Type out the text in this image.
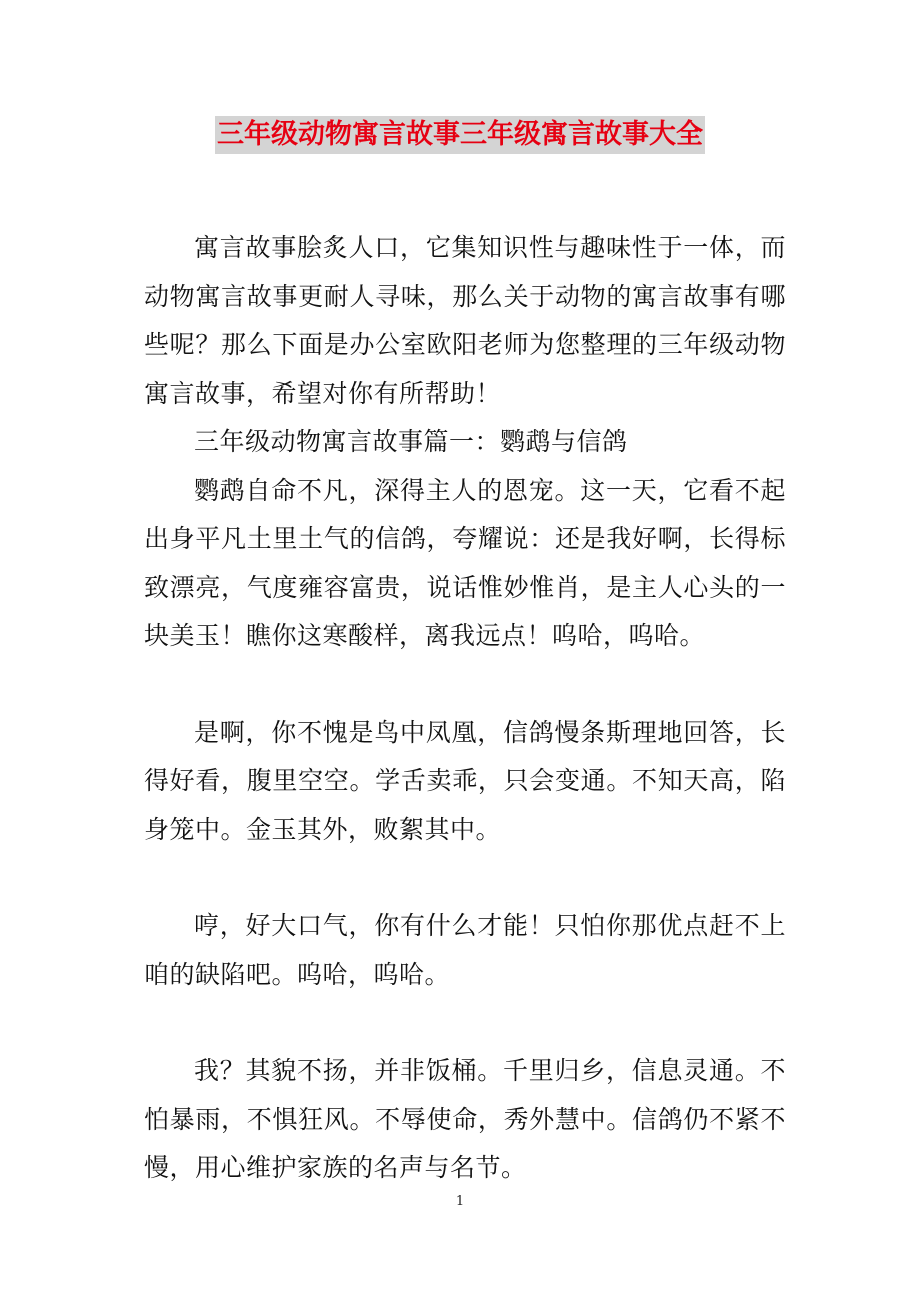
三年级动物寓言故事三年级寓言故事大全

寓言故事脍炙人口，它集知识性与趣味性于一体，而动物寓言故事更耐人寻味，那么关于动物的寓言故事有哪些呢？那么下面是办公室欧阳老师为您整理的三年级动物寓言故事，希望对你有所帮助！

三年级动物寓言故事篇一：鹦鹉与信鸽

鹦鹉自命不凡，深得主人的恩宠。这一天，它看不起出身平凡土里土气的信鸽，夸耀说：还是我好啊，长得标致漂亮，气度雍容富贵，说话惟妙惟肖，是主人心头的一块美玉！瞧你这寒酸样，离我远点！呜哈，呜哈。

是啊，你不愧是鸟中凤凰，信鸽慢条斯理地回答，长得好看，腹里空空。学舌卖乖，只会变通。不知天高，陷身笼中。金玉其外，败絮其中。

哼，好大口气，你有什么才能！只怕你那优点赶不上咱的缺陷吧。呜哈，呜哈。

我？其貌不扬，并非饭桶。千里归乡，信息灵通。不怕暴雨，不惧狂风。不辱使命，秀外慧中。信鸽仍不紧不慢，用心维护家族的名声与名节。

1
